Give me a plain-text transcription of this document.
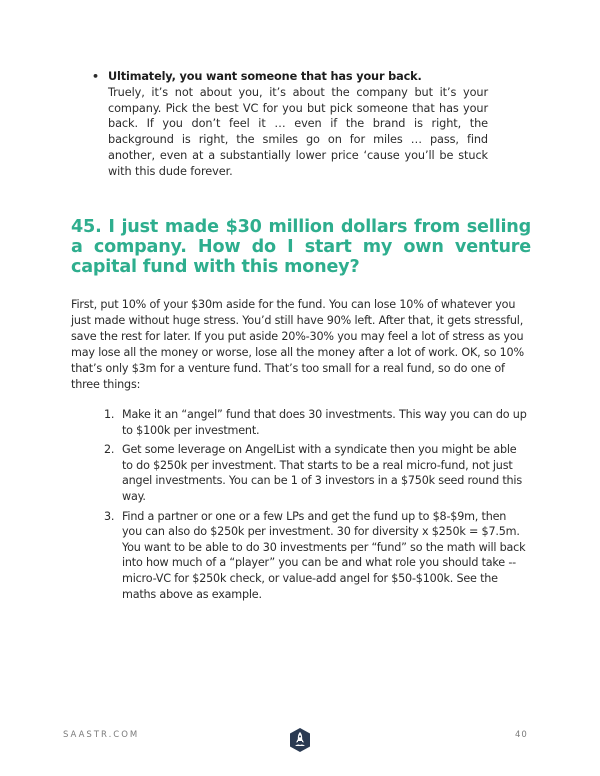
• Ultimately, you want someone that has your back.
Truely, it’s not about you, it’s about the company but it’s your company. Pick the best VC for you but pick someone that has your back. If you don’t feel it … even if the brand is right, the background is right, the smiles go on for miles … pass, find another, even at a substantially lower price ‘cause you’ll be stuck with this dude forever.
45. I just made $30 million dollars from selling a company. How do I start my own venture capital fund with this money?

First, put 10% of your $30m aside for the fund. You can lose 10% of whatever you just made without huge stress. You’d still have 90% left. After that, it gets stressful, save the rest for later. If you put aside 20%-30% you may feel a lot of stress as you may lose all the money or worse, lose all the money after a lot of work. OK, so 10% that’s only $3m for a venture fund. That’s too small for a real fund, so do one of three things:

1. Make it an “angel” fund that does 30 investments. This way you can do up to $100k per investment.
2. Get some leverage on AngelList with a syndicate then you might be able to do $250k per investment. That starts to be a real micro-fund, not just angel investments. You can be 1 of 3 investors in a $750k seed round this way.
3. Find a partner or one or a few LPs and get the fund up to $8-$9m, then you can also do $250k per investment. 30 for diversity x $250k = $7.5m. You want to be able to do 30 investments per “fund” so the math will back into how much of a “player” you can be and what role you should take -- micro-VC for $250k check, or value-add angel for $50-$100k. See the maths above as example.
SAASTR.COM	40
